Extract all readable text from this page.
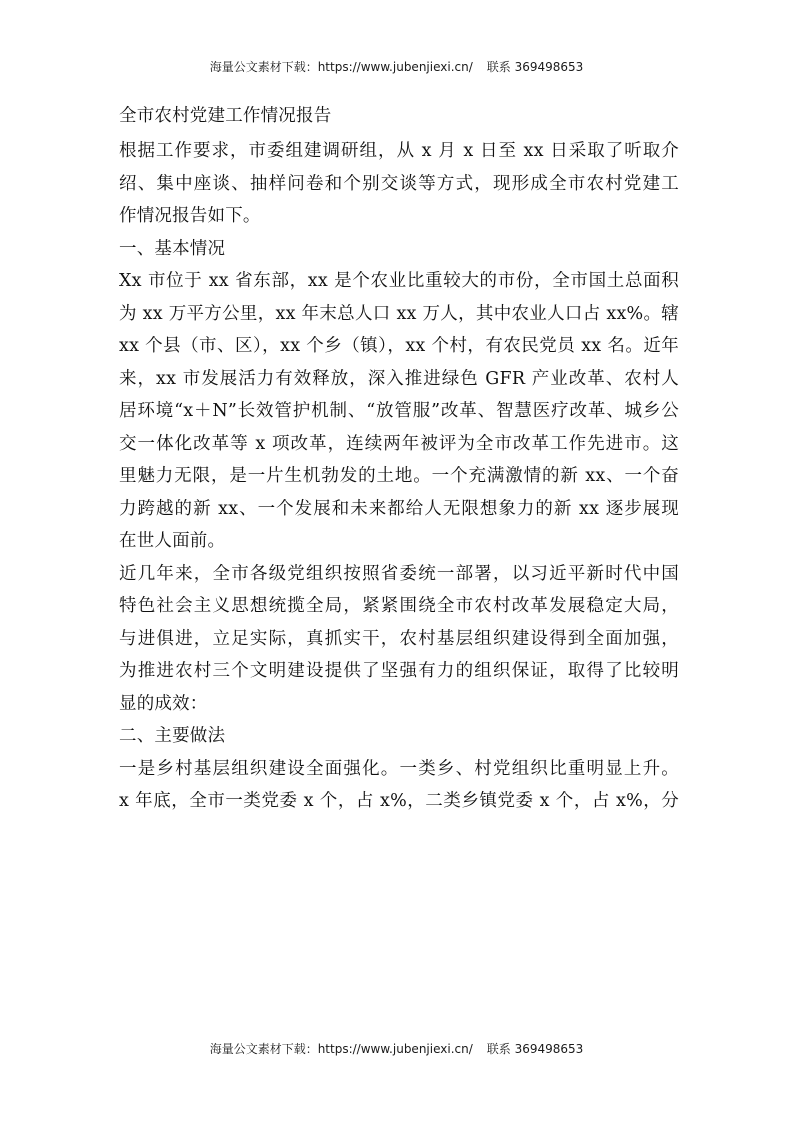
海量公文素材下载：https://www.jubenjiexi.cn/ 联系 369498653
全市农村党建工作情况报告
根据工作要求，市委组建调研组，从 x 月 x 日至 xx 日采取了听取介
绍、集中座谈、抽样问卷和个别交谈等方式，现形成全市农村党建工
作情况报告如下。
一、基本情况
Xx 市位于 xx 省东部，xx 是个农业比重较大的市份，全市国土总面积
为 xx 万平方公里，xx 年末总人口 xx 万人，其中农业人口占 xx%。辖
xx 个县（市、区），xx 个乡（镇），xx 个村，有农民党员 xx 名。近年
来，xx 市发展活力有效释放，深入推进绿色 GFR 产业改革、农村人
居环境“x＋N”长效管护机制、“放管服”改革、智慧医疗改革、城乡公
交一体化改革等 x 项改革，连续两年被评为全市改革工作先进市。这
里魅力无限，是一片生机勃发的土地。一个充满激情的新 xx、一个奋
力跨越的新 xx、一个发展和未来都给人无限想象力的新 xx 逐步展现
在世人面前。
近几年来，全市各级党组织按照省委统一部署，以习近平新时代中国
特色社会主义思想统揽全局，紧紧围绕全市农村改革发展稳定大局，
与进俱进，立足实际，真抓实干，农村基层组织建设得到全面加强，
为推进农村三个文明建设提供了坚强有力的组织保证，取得了比较明
显的成效：
二、主要做法
一是乡村基层组织建设全面强化。一类乡、村党组织比重明显上升。
x 年底，全市一类党委 x 个，占 x%，二类乡镇党委 x 个，占 x%，分
海量公文素材下载：https://www.jubenjiexi.cn/ 联系 369498653
